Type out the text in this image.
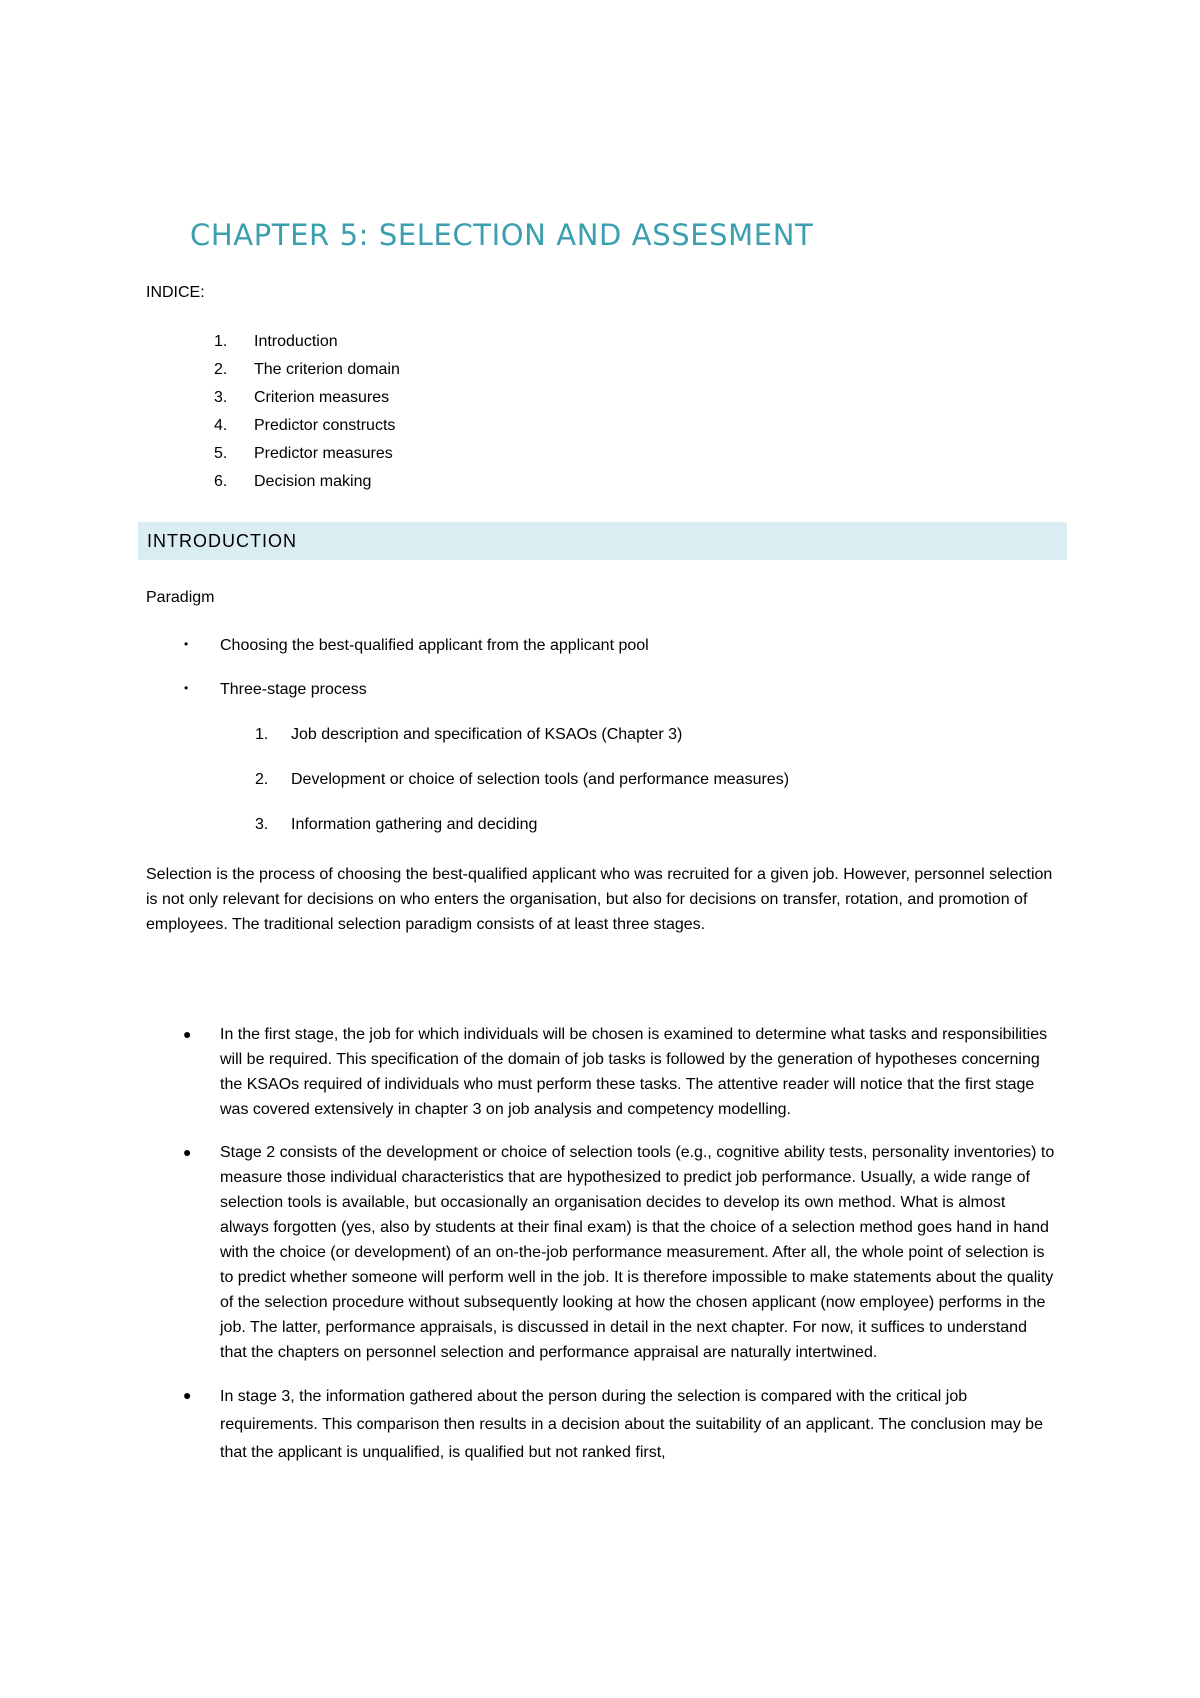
CHAPTER 5: SELECTION AND ASSESMENT
INDICE:
1.	Introduction
2.	The criterion domain
3.	Criterion measures
4.	Predictor constructs
5.	Predictor measures
6.	Decision making
INTRODUCTION
Paradigm
• Choosing the best-qualified applicant from the applicant pool
• Three-stage process
1. Job description and specification of KSAOs (Chapter 3)
2. Development or choice of selection tools (and performance measures)
3. Information gathering and deciding

Selection is the process of choosing the best-qualified applicant who was recruited for a given job. However, personnel selection is not only relevant for decisions on who enters the organisation, but also for decisions on transfer, rotation, and promotion of employees. The traditional selection paradigm consists of at least three stages.

● In the first stage, the job for which individuals will be chosen is examined to determine what tasks and responsibilities will be required. This specification of the domain of job tasks is followed by the generation of hypotheses concerning the KSAOs required of individuals who must perform these tasks. The attentive reader will notice that the first stage was covered extensively in chapter 3 on job analysis and competency modelling.
● Stage 2 consists of the development or choice of selection tools (e.g., cognitive ability tests, personality inventories) to measure those individual characteristics that are hypothesized to predict job performance. Usually, a wide range of selection tools is available, but occasionally an organisation decides to develop its own method. What is almost always forgotten (yes, also by students at their final exam) is that the choice of a selection method goes hand in hand with the choice (or development) of an on-the-job performance measurement. After all, the whole point of selection is to predict whether someone will perform well in the job. It is therefore impossible to make statements about the quality of the selection procedure without subsequently looking at how the chosen applicant (now employee) performs in the job. The latter, performance appraisals, is discussed in detail in the next chapter. For now, it suffices to understand that the chapters on personnel selection and performance appraisal are naturally intertwined.
● In stage 3, the information gathered about the person during the selection is compared with the critical job requirements. This comparison then results in a decision about the suitability of an applicant. The conclusion may be that the applicant is unqualified, is qualified but not ranked first,
